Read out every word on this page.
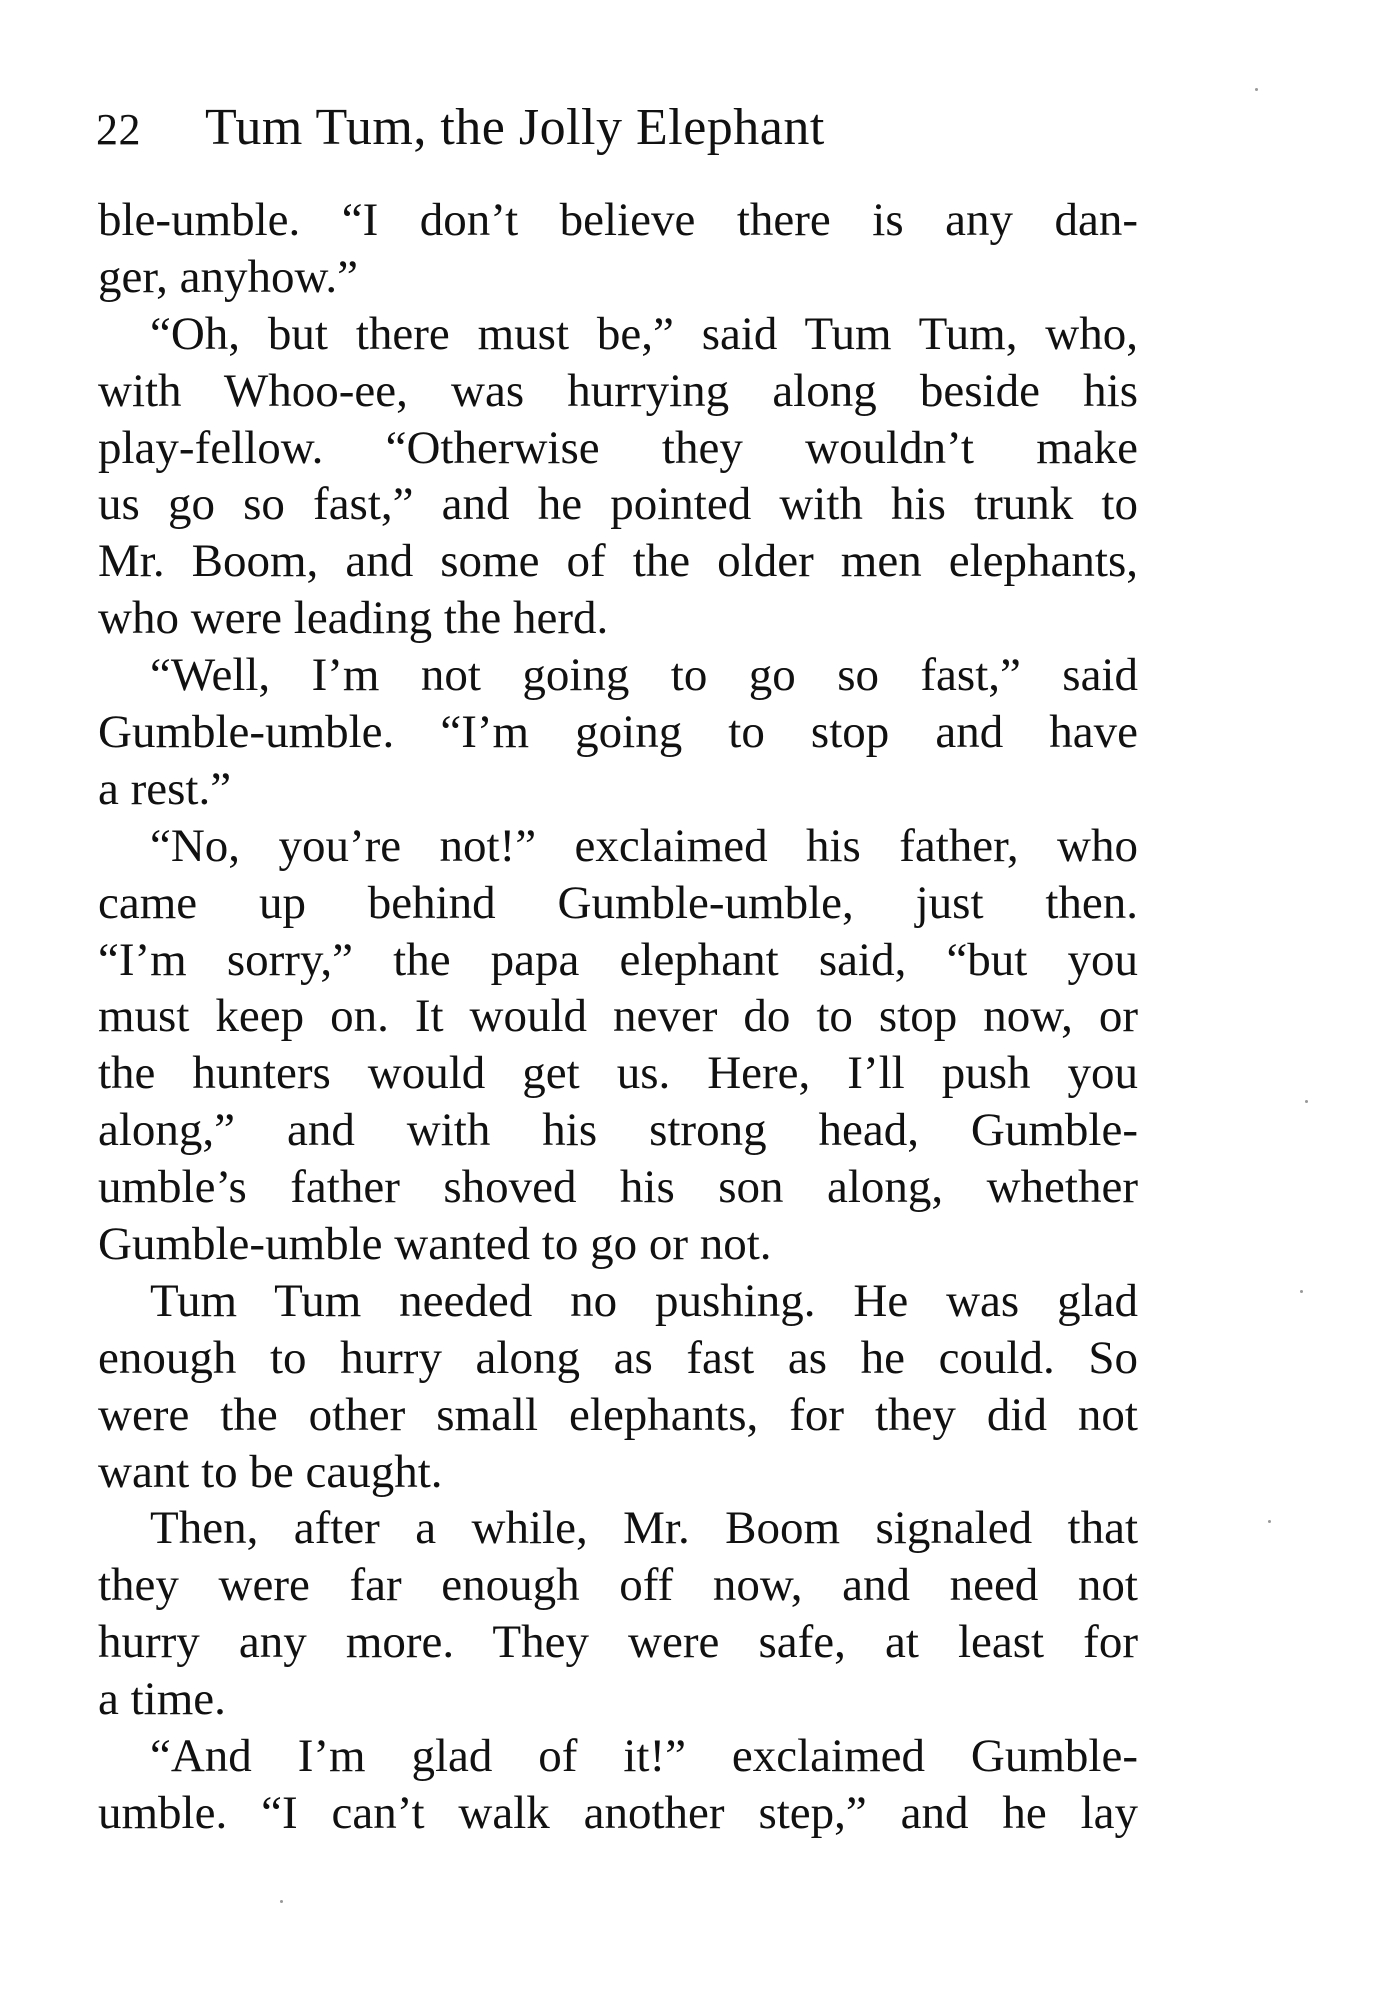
22 Tum Tum, the Jolly Elephant
ble-umble. “I don’t believe there is any dan-
ger, anyhow.”
“Oh, but there must be,” said Tum Tum, who,
with Whoo-ee, was hurrying along beside his
play-fellow. “Otherwise they wouldn’t make
us go so fast,” and he pointed with his trunk to
Mr. Boom, and some of the older men elephants,
who were leading the herd.
“Well, I’m not going to go so fast,” said
Gumble-umble. “I’m going to stop and have
a rest.”
“No, you’re not!” exclaimed his father, who
came up behind Gumble-umble, just then.
“I’m sorry,” the papa elephant said, “but you
must keep on. It would never do to stop now, or
the hunters would get us. Here, I’ll push you
along,” and with his strong head, Gumble-
umble’s father shoved his son along, whether
Gumble-umble wanted to go or not.
Tum Tum needed no pushing. He was glad
enough to hurry along as fast as he could. So
were the other small elephants, for they did not
want to be caught.
Then, after a while, Mr. Boom signaled that
they were far enough off now, and need not
hurry any more. They were safe, at least for
a time.
“And I’m glad of it!” exclaimed Gumble-
umble. “I can’t walk another step,” and he lay
